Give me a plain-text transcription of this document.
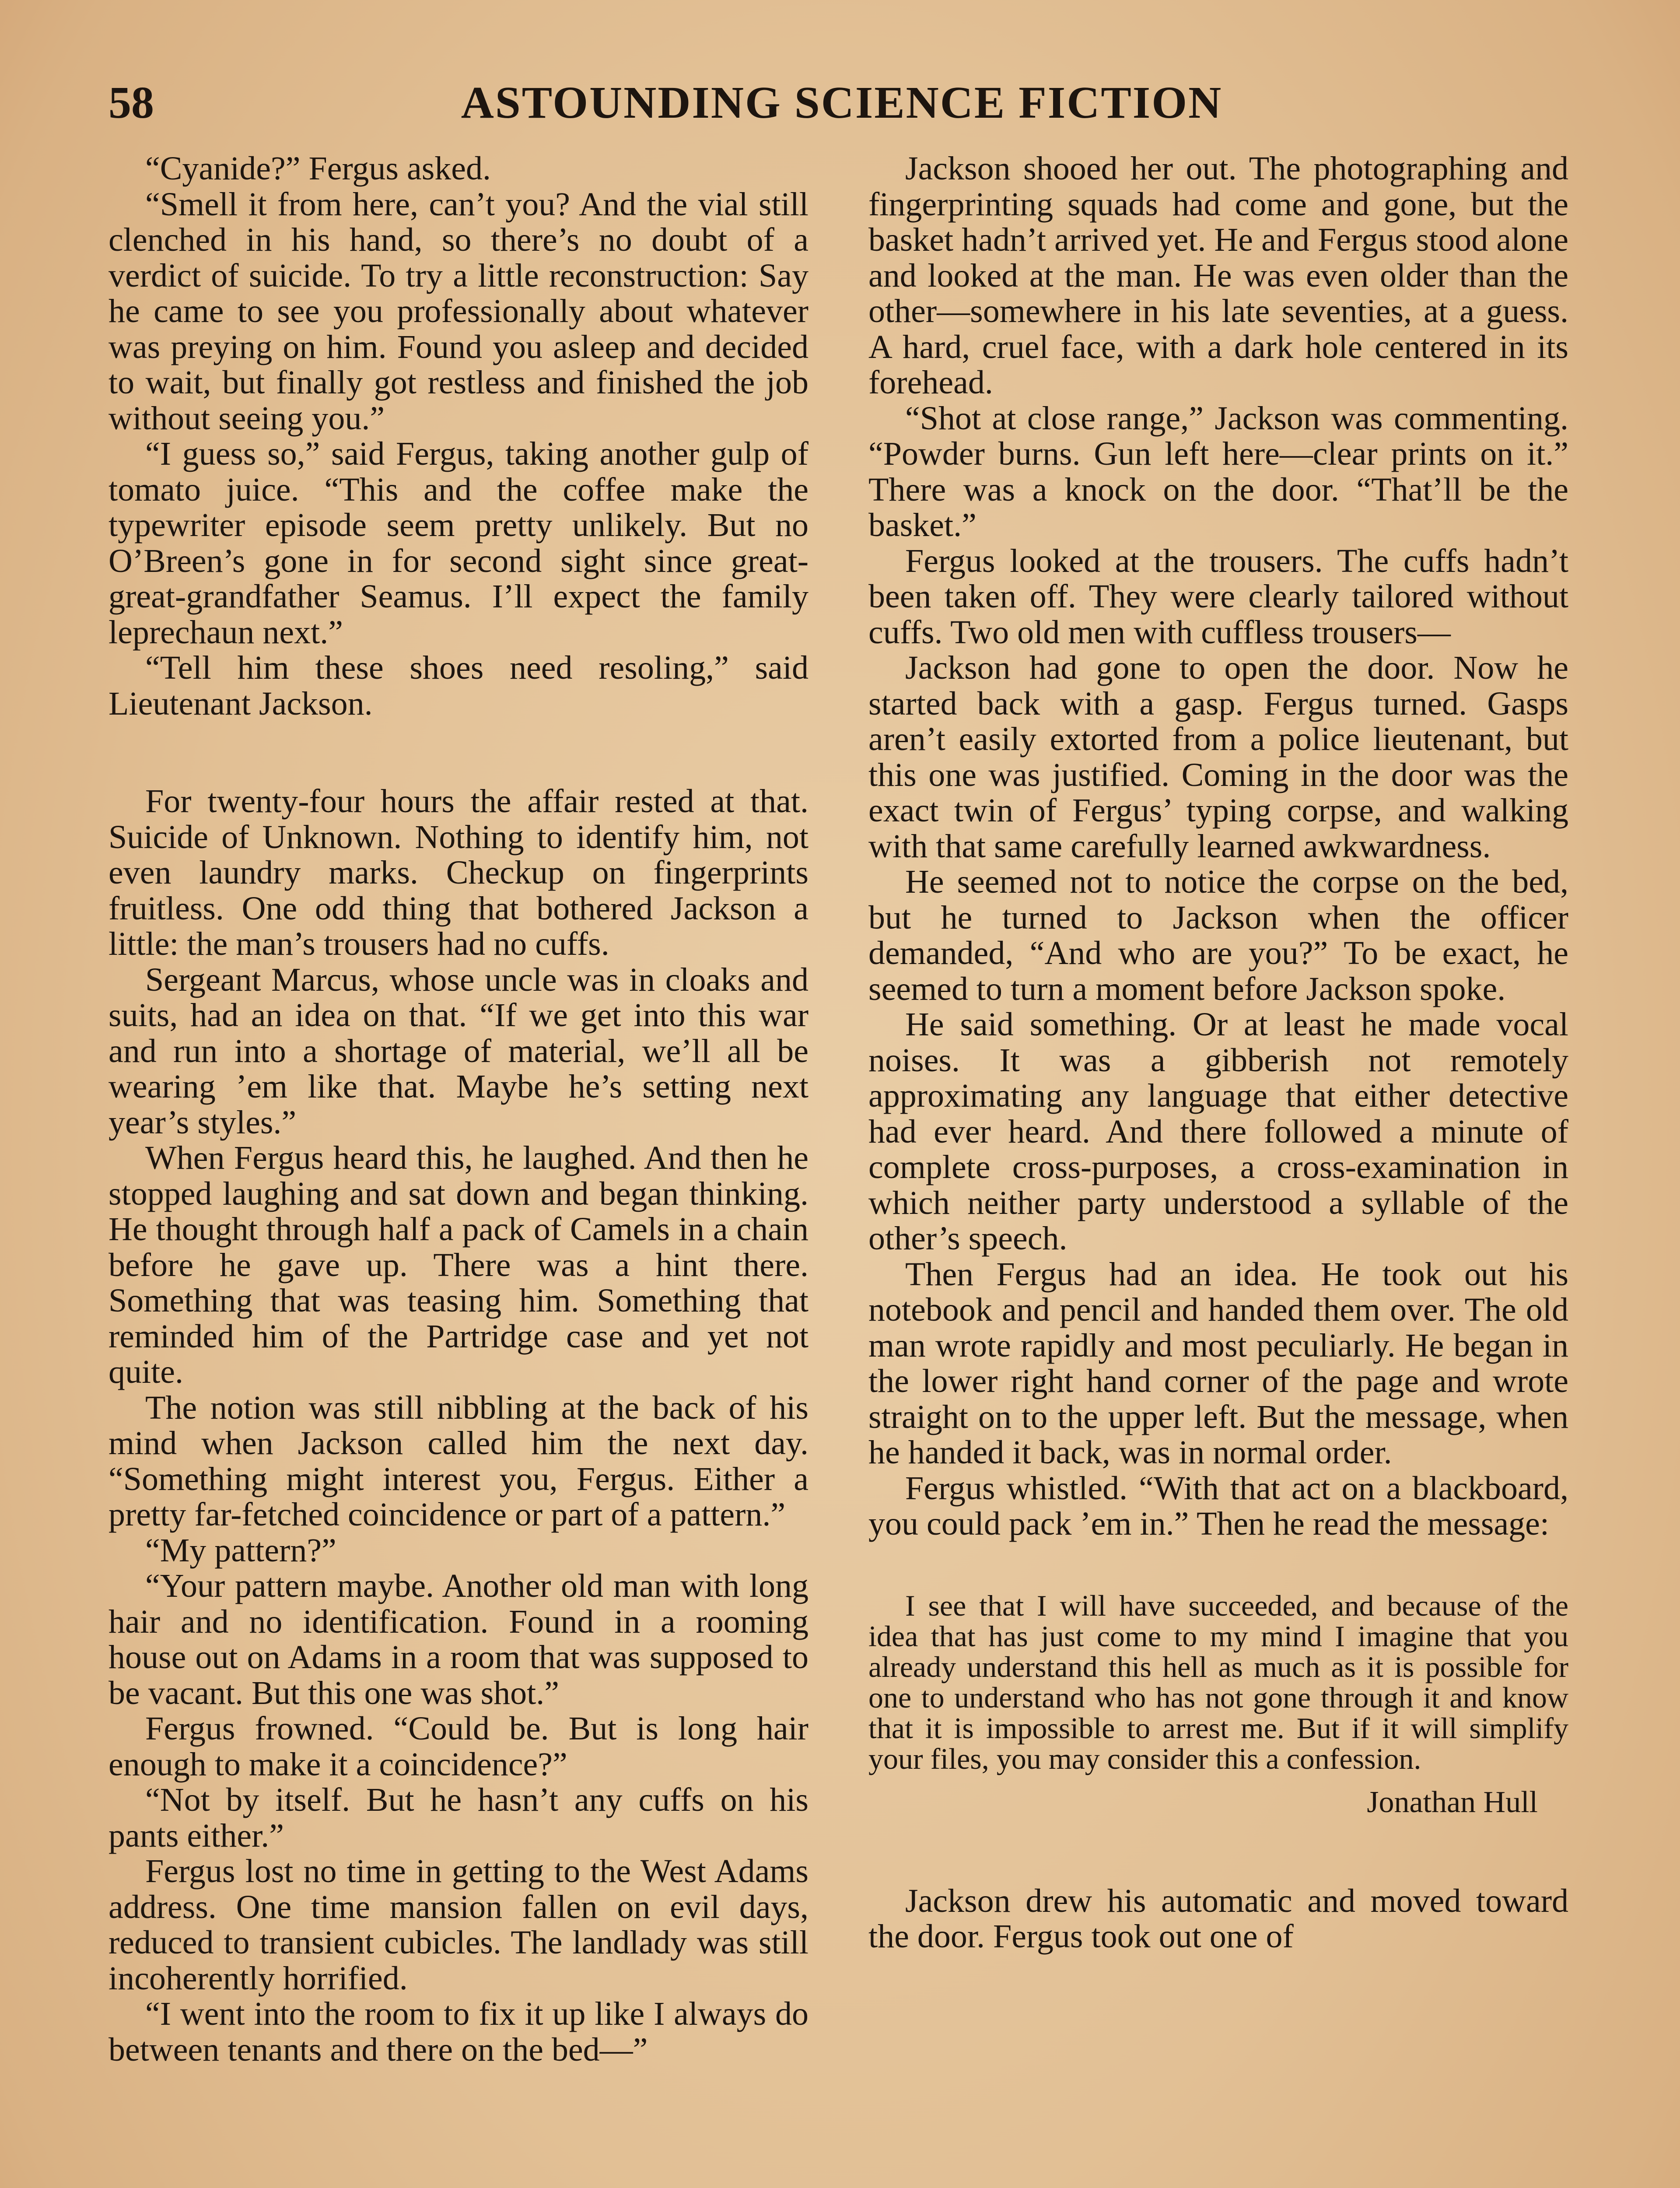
58	ASTOUNDING SCIENCE FICTION

“Cyanide?” Fergus asked.

“Smell it from here, can’t you? And the vial still clenched in his hand, so there’s no doubt of a verdict of suicide. To try a little reconstruction: Say he came to see you professionally about whatever was preying on him. Found you asleep and decided to wait, but finally got restless and finished the job without seeing you.”

“I guess so,” said Fergus, taking another gulp of tomato juice. “This and the coffee make the typewriter episode seem pretty unlikely. But no O’Breen’s gone in for second sight since great-great-grandfather Seamus. I’ll expect the family leprechaun next.”

“Tell him these shoes need resoling,” said Lieutenant Jackson.

For twenty-four hours the affair rested at that. Suicide of Unknown. Nothing to identify him, not even laundry marks. Checkup on fingerprints fruitless. One odd thing that bothered Jackson a little: the man’s trousers had no cuffs.

Sergeant Marcus, whose uncle was in cloaks and suits, had an idea on that. “If we get into this war and run into a shortage of material, we’ll all be wearing ’em like that. Maybe he’s setting next year’s styles.”

When Fergus heard this, he laughed. And then he stopped laughing and sat down and began thinking. He thought through half a pack of Camels in a chain before he gave up. There was a hint there. Something that was teasing him. Something that reminded him of the Partridge case and yet not quite.

The notion was still nibbling at the back of his mind when Jackson called him the next day. “Something might interest you, Fergus. Either a pretty far-fetched coincidence or part of a pattern.”

“My pattern?”

“Your pattern maybe. Another old man with long hair and no identification. Found in a rooming house out on Adams in a room that was supposed to be vacant. But this one was shot.”

Fergus frowned. “Could be. But is long hair enough to make it a coincidence?”

“Not by itself. But he hasn’t any cuffs on his pants either.”

Fergus lost no time in getting to the West Adams address. One time mansion fallen on evil days, reduced to transient cubicles. The landlady was still incoherently horrified.

“I went into the room to fix it up like I always do between tenants and there on the bed—”

Jackson shooed her out. The photographing and fingerprinting squads had come and gone, but the basket hadn’t arrived yet. He and Fergus stood alone and looked at the man. He was even older than the other—somewhere in his late seventies, at a guess. A hard, cruel face, with a dark hole centered in its forehead.

“Shot at close range,” Jackson was commenting. “Powder burns. Gun left here—clear prints on it.” There was a knock on the door. “That’ll be the basket.”

Fergus looked at the trousers. The cuffs hadn’t been taken off. They were clearly tailored without cuffs. Two old men with cuffless trousers—

Jackson had gone to open the door. Now he started back with a gasp. Fergus turned. Gasps aren’t easily extorted from a police lieutenant, but this one was justified. Coming in the door was the exact twin of Fergus’ typing corpse, and walking with that same carefully learned awkwardness.

He seemed not to notice the corpse on the bed, but he turned to Jackson when the officer demanded, “And who are you?” To be exact, he seemed to turn a moment before Jackson spoke.

He said something. Or at least he made vocal noises. It was a gibberish not remotely approximating any language that either detective had ever heard. And there followed a minute of complete cross-purposes, a cross-examination in which neither party understood a syllable of the other’s speech.

Then Fergus had an idea. He took out his notebook and pencil and handed them over. The old man wrote rapidly and most peculiarly. He began in the lower right hand corner of the page and wrote straight on to the upper left. But the message, when he handed it back, was in normal order.

Fergus whistled. “With that act on a blackboard, you could pack ’em in.” Then he read the message:

I see that I will have succeeded, and because of the idea that has just come to my mind I imagine that you already understand this hell as much as it is possible for one to understand who has not gone through it and know that it is impossible to arrest me. But if it will simplify your files, you may consider this a confession.

Jonathan Hull

Jackson drew his automatic and moved toward the door. Fergus took out one of
